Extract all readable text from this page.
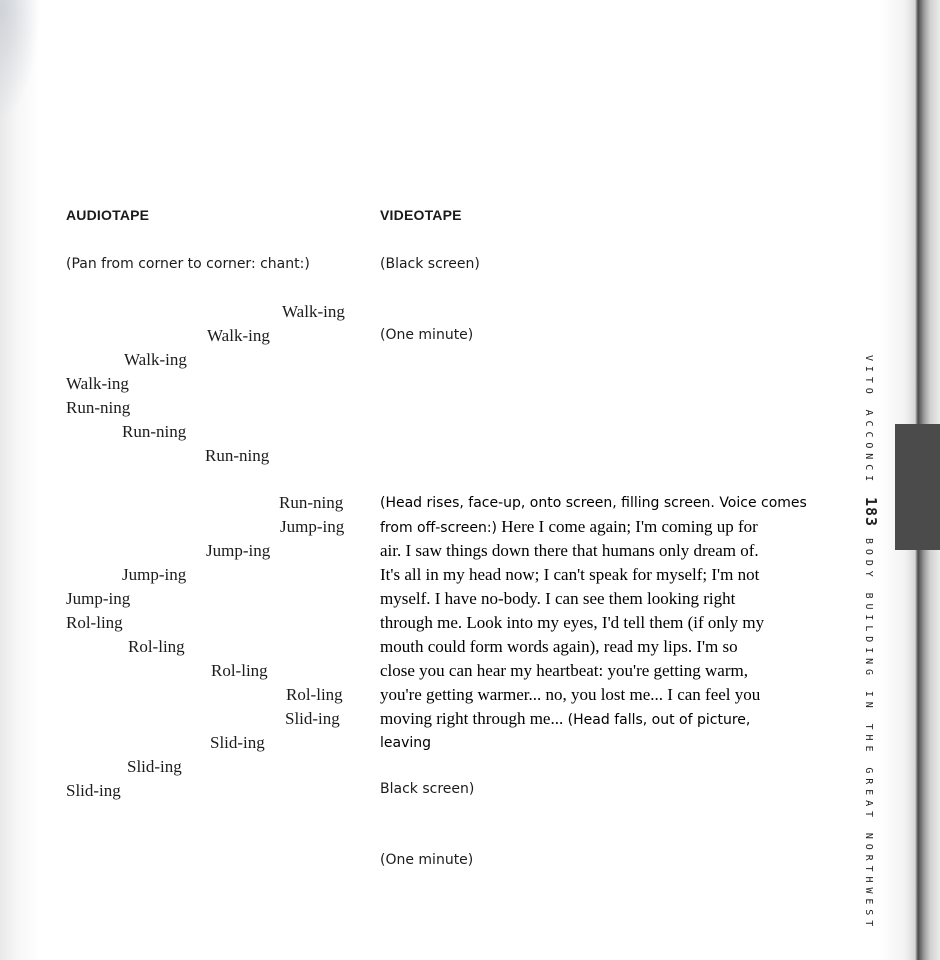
AUDIOTAPE	VIDEOTAPE
(Pan from corner to corner: chant:)
Walk-ing
Walk-ing
Walk-ing
Walk-ing
Run-ning
Run-ning
Run-ning
Run-ning
Jump-ing
Jump-ing
Jump-ing
Jump-ing
Rol-ling
Rol-ling
Rol-ling
Rol-ling
Slid-ing
Slid-ing
Slid-ing
Slid-ing
(Black screen)
(One minute)
(Head rises, face-up, onto screen, filling screen. Voice comes
from off-screen:) Here I come again; I'm coming up for
air. I saw things down there that humans only dream of.
It's all in my head now; I can't speak for myself; I'm not
myself. I have no-body. I can see them looking right
through me. Look into my eyes, I'd tell them (if only my
mouth could form words again), read my lips. I'm so
close you can hear my heartbeat: you're getting warm,
you're getting warmer... no, you lost me... I can feel you
moving right through me... (Head falls, out of picture,
leaving
Black screen)
(One minute)
VITO ACCONCI 183 BODY BUILDING IN THE GREAT NORTHWEST
